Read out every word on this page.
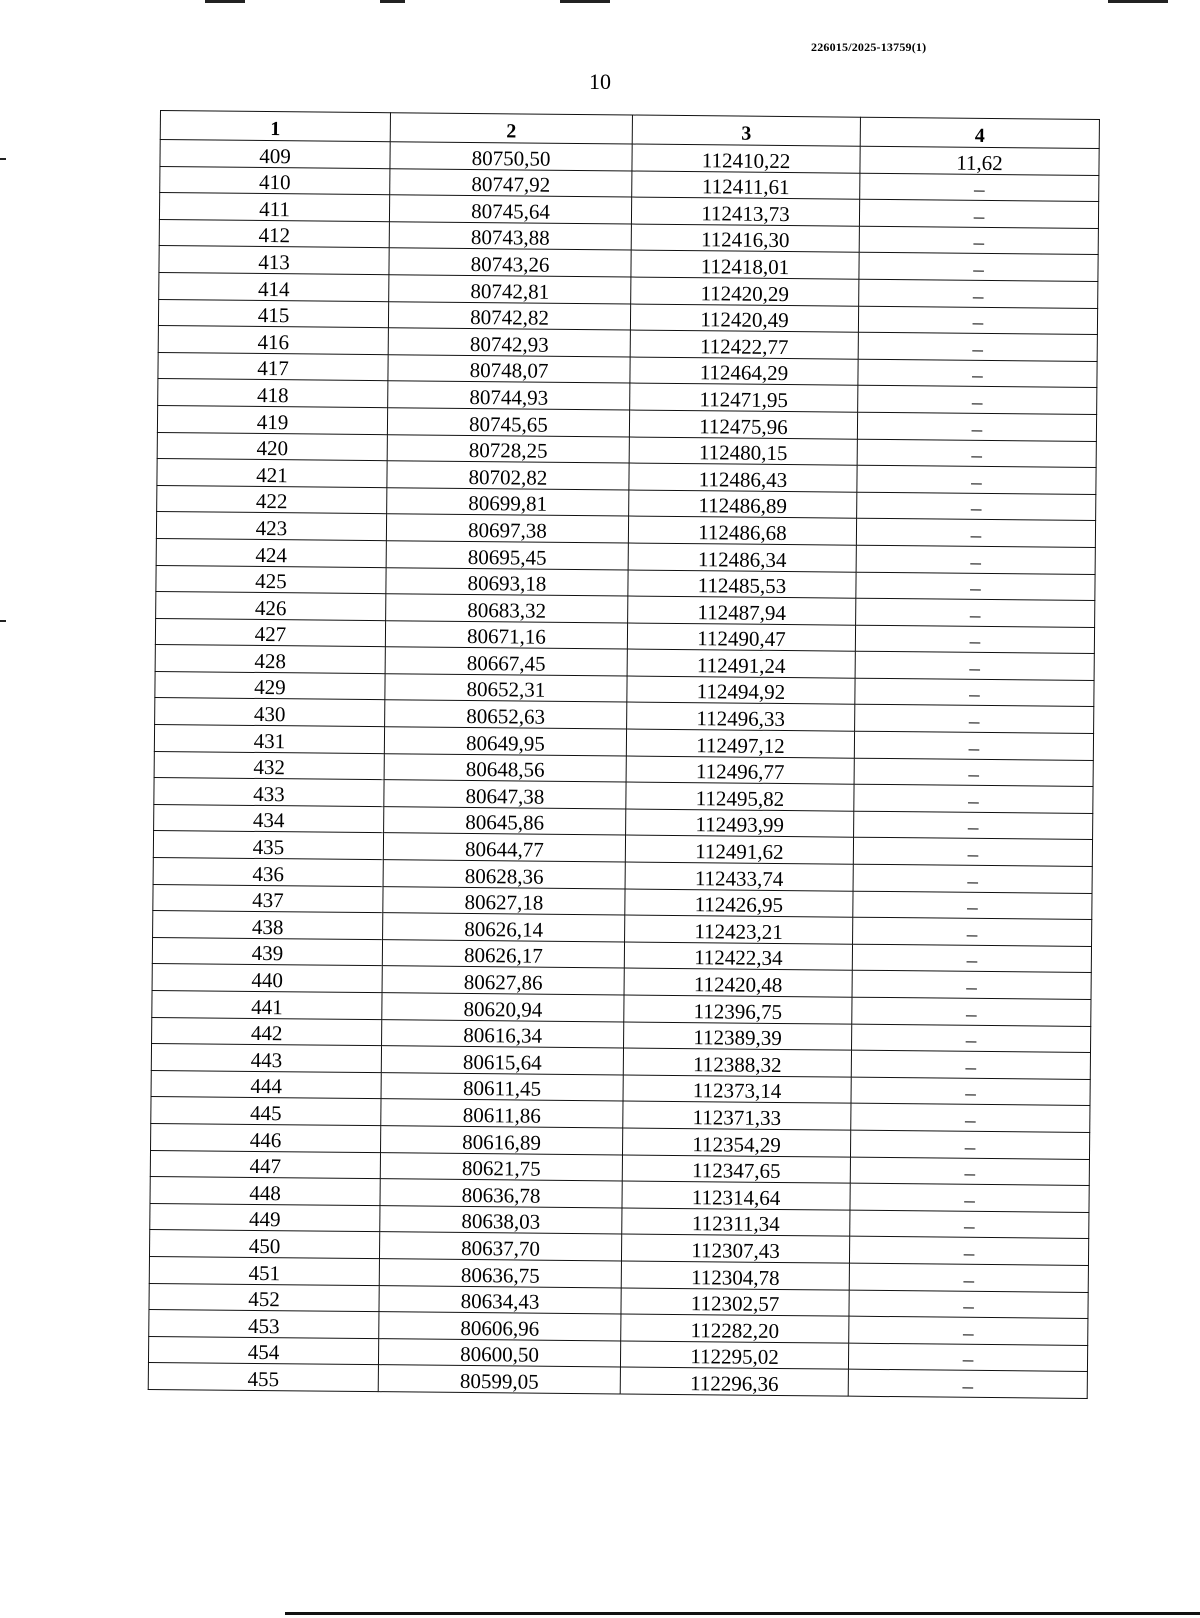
226015/2025-13759(1)
10
1	2	3	4
409	80750,50	112410,22	11,62
410	80747,92	112411,61	–
411	80745,64	112413,73	–
412	80743,88	112416,30	–
413	80743,26	112418,01	–
414	80742,81	112420,29	–
415	80742,82	112420,49	–
416	80742,93	112422,77	–
417	80748,07	112464,29	–
418	80744,93	112471,95	–
419	80745,65	112475,96	–
420	80728,25	112480,15	–
421	80702,82	112486,43	–
422	80699,81	112486,89	–
423	80697,38	112486,68	–
424	80695,45	112486,34	–
425	80693,18	112485,53	–
426	80683,32	112487,94	–
427	80671,16	112490,47	–
428	80667,45	112491,24	–
429	80652,31	112494,92	–
430	80652,63	112496,33	–
431	80649,95	112497,12	–
432	80648,56	112496,77	–
433	80647,38	112495,82	–
434	80645,86	112493,99	–
435	80644,77	112491,62	–
436	80628,36	112433,74	–
437	80627,18	112426,95	–
438	80626,14	112423,21	–
439	80626,17	112422,34	–
440	80627,86	112420,48	–
441	80620,94	112396,75	–
442	80616,34	112389,39	–
443	80615,64	112388,32	–
444	80611,45	112373,14	–
445	80611,86	112371,33	–
446	80616,89	112354,29	–
447	80621,75	112347,65	–
448	80636,78	112314,64	–
449	80638,03	112311,34	–
450	80637,70	112307,43	–
451	80636,75	112304,78	–
452	80634,43	112302,57	–
453	80606,96	112282,20	–
454	80600,50	112295,02	–
455	80599,05	112296,36	–
